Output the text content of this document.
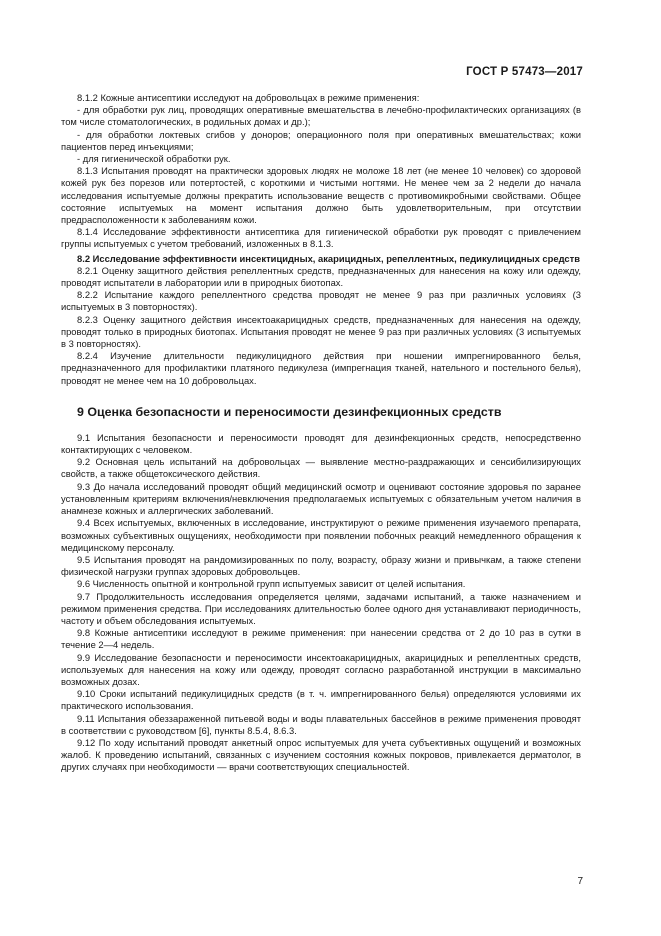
ГОСТ Р 57473—2017

8.1.2 Кожные антисептики исследуют на добровольцах в режиме применения:

- для обработки рук лиц, проводящих оперативные вмешательства в лечебно-профилактических организациях (в том числе стоматологических, в родильных домах и др.);

- для обработки локтевых сгибов у доноров; операционного поля при оперативных вмешательствах; кожи пациентов перед инъекциями;

- для гигиенической обработки рук.

8.1.3 Испытания проводят на практически здоровых людях не моложе 18 лет (не менее 10 человек) со здоровой кожей рук без порезов или потертостей, с короткими и чистыми ногтями. Не менее чем за 2 недели до начала исследования испытуемые должны прекратить использование веществ с противомикробными свойствами. Общее состояние испытуемых на момент испытания должно быть удовлетворительным, при отсутствии предрасположенности к заболеваниям кожи.

8.1.4 Исследование эффективности антисептика для гигиенической обработки рук проводят с привлечением группы испытуемых с учетом требований, изложенных в 8.1.3.

8.2 Исследование эффективности инсектицидных, акарицидных, репеллентных, педикулицидных средств

8.2.1 Оценку защитного действия репеллентных средств, предназначенных для нанесения на кожу или одежду, проводят испытатели в лаборатории или в природных биотопах.

8.2.2 Испытание каждого репеллентного средства проводят не менее 9 раз при различных условиях (3 испытуемых в 3 повторностях).

8.2.3 Оценку защитного действия инсектоакарицидных средств, предназначенных для нанесения на одежду, проводят только в природных биотопах. Испытания проводят не менее 9 раз при различных условиях (3 испытуемых в 3 повторностях).

8.2.4 Изучение длительности педикулицидного действия при ношении импрегнированного белья, предназначенного для профилактики платяного педикулеза (импрегнация тканей, нательного и постельного белья), проводят не менее чем на 10 добровольцах.

9 Оценка безопасности и переносимости дезинфекционных средств

9.1 Испытания безопасности и переносимости проводят для дезинфекционных средств, непосредственно контактирующих с человеком.

9.2 Основная цель испытаний на добровольцах — выявление местно-раздражающих и сенсибилизирующих свойств, а также общетоксического действия.

9.3 До начала исследований проводят общий медицинский осмотр и оценивают состояние здоровья по заранее установленным критериям включения/невключения предполагаемых испытуемых с обязательным учетом наличия в анамнезе кожных и аллергических заболеваний.

9.4 Всех испытуемых, включенных в исследование, инструктируют о режиме применения изучаемого препарата, возможных субъективных ощущениях, необходимости при появлении побочных реакций немедленного обращения к медицинскому персоналу.

9.5 Испытания проводят на рандомизированных по полу, возрасту, образу жизни и привычкам, а также степени физической нагрузки группах здоровых добровольцев.

9.6 Численность опытной и контрольной групп испытуемых зависит от целей испытания.

9.7 Продолжительность исследования определяется целями, задачами испытаний, а также назначением и режимом применения средства. При исследованиях длительностью более одного дня устанавливают периодичность, частоту и объем обследования испытуемых.

9.8 Кожные антисептики исследуют в режиме применения: при нанесении средства от 2 до 10 раз в сутки в течение 2—4 недель.

9.9 Исследование безопасности и переносимости инсектоакарицидных, акарицидных и репеллентных средств, используемых для нанесения на кожу или одежду, проводят согласно разработанной инструкции в максимально возможных дозах.

9.10 Сроки испытаний педикулицидных средств (в т. ч. импрегнированного белья) определяются условиями их практического использования.

9.11 Испытания обеззараженной питьевой воды и воды плавательных бассейнов в режиме применения проводят в соответствии с руководством [6], пункты 8.5.4, 8.6.3.

9.12 По ходу испытаний проводят анкетный опрос испытуемых для учета субъективных ощущений и возможных жалоб. К проведению испытаний, связанных с изучением состояния кожных покровов, привлекается дерматолог, в других случаях при необходимости — врачи соответствующих специальностей.

7
